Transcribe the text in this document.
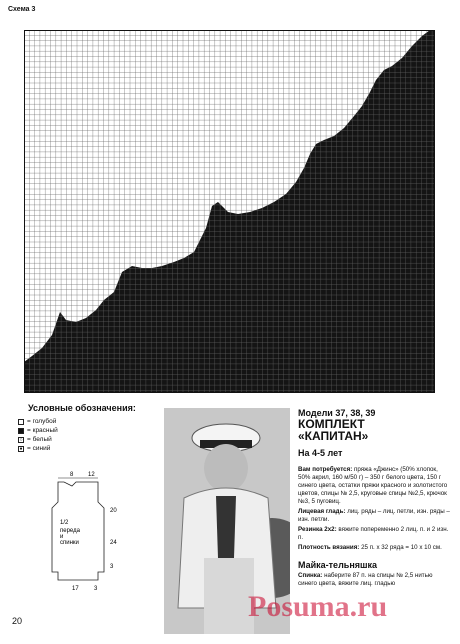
Схема 3
Условные обозначения:
= голубой
= красный
○ = белый
● = синий
8 12
20
24
3
17	3
1/2
переда
и
спинки
Модели 37, 38, 39
КОМПЛЕКТ
«КАПИТАН»
На 4-5 лет
Вам потребуется: пряжа «Джинс» (50% хлопок, 50% акрил, 160 м/50 г) – 350 г белого цвета, 150 г синего цвета, остатки пряжи красного и золотистого цветов, спицы № 2,5, круговые спицы №2,5, крючок №3, 5 пуговиц.
Лицевая гладь: лиц. ряды – лиц. петли, изн. ряды – изн. петли.
Резинка 2х2: вяжите попеременно 2 лиц. п. и 2 изн. п.
Плотность вязания: 25 п. х 32 ряда = 10 х 10 см.
Майка-тельняшка
Спинка: наберите 87 п. на спицы № 2,5 нитью синего цвета, вяжите лиц. гладью
Posuma.ru
20
